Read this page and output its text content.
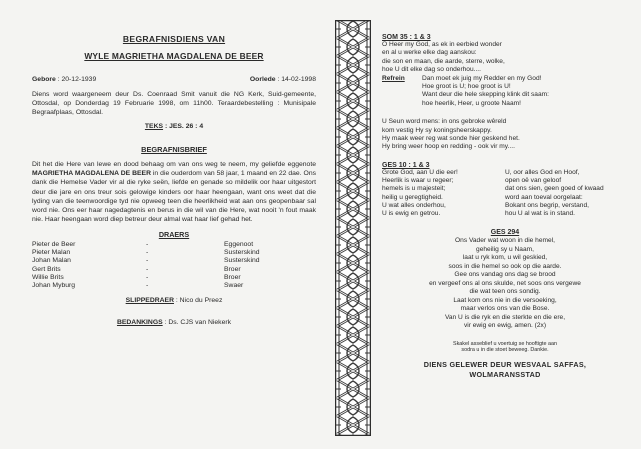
BEGRAFNISDIENS VAN
WYLE MAGRIETHA MAGDALENA DE BEER
Gebore : 20-12-1939	Oorlede : 14-02-1998
Diens word waargeneem deur Ds. Coenraad Smit vanuit die NG Kerk, Suid-gemeente, Ottosdal, op Donderdag 19 Februarie 1998, om 11h00. Teraardebestelling : Munisipale Begraafplaas, Ottosdal.
TEKS : JES. 26 : 4
BEGRAFNISBRIEF
Dit het die Here van lewe en dood behaag om van ons weg te neem, my geliefde eggenote MAGRIETHA MAGDALENA DE BEER in die ouderdom van 58 jaar, 1 maand en 22 dae. Ons dank die Hemelse Vader vir al die ryke seën, liefde en genade so mildelik oor haar uitgestort deur die jare en ons treur sois gelowige kinders oor haar heengaan, want ons weet dat die lyding van die teenwoordige tyd nie opweeg teen die heerlikheid wat aan ons geopenbaar sal word nie. Ons eer haar nagedagtenis en berus in die wil van die Here, wat nooit 'n fout maak nie. Haar heengaan word diep betreur deur almal wat haar lief gehad het.
DRAERS
Pieter de Beer	-	Eggenoot
Pieter Malan	-	Susterskind
Johan Malan	-	Susterskind
Gert Brits	-	Broer
Willie Brits	-	Broer
Johan Myburg	-	Swaer
SLIPPEDRAER : Nico du Preez
BEDANKINGS : Ds. CJS van Niekerk
SOM 35 : 1 & 3
O Heer my God, as ek in eerbied wonder
en al u werke elke dag aanskou:
die son en maan, die aarde, sterre, wolke,
hoe U dit elke dag so onderhou....
Refrein	Dan moet ek juig my Redder en my God!
Hoe groot is U; hoe groot is U!
Want deur die hele skepping klink dit saam:
hoe heerlik, Heer, u groote Naam!
U Seun word mens: in ons gebroke wêreld
kom vestig Hy sy koningsheerskappy.
Hy maak weer reg wat sonde hier geskend het.
Hy bring weer hoop en redding - ook vir my....
GES 10 : 1 & 3
Grote God, aan U die eer!
Heerlik is waar u regeer;
hemels is u majesteit;
heilig u geregtigheid.
U wat alles onderhou,
U is ewig en getrou.
U, oor alles God en Hoof,
open oë van geloof
dat ons sien, geen goed of kwaad
word aan toeval oorgelaat:
Bokant ons begrip, verstand,
hou U al wat is in stand.
GES 294
Ons Vader wat woon in die hemel,
geheilig sy u Naam,
laat u ryk kom, u wil geskied,
soos in die hemel so ook op die aarde.
Gee ons vandag ons dag se brood
en vergeef ons al ons skulde, net soos ons vergewe
die wat teen ons sondig.
Laat kom ons nie in die versoeking,
maar verlos ons van die Bose.
Van U is die ryk en die sterkte en die ere,
vir ewig en ewig, amen. (2x)
Skakel asseblief u voertuig se hooftigte aan
sodra u in die stoet beweeg. Dankie.
DIENS GELEWER DEUR WESVAAL SAFFAS,
WOLMARANSSTAD
